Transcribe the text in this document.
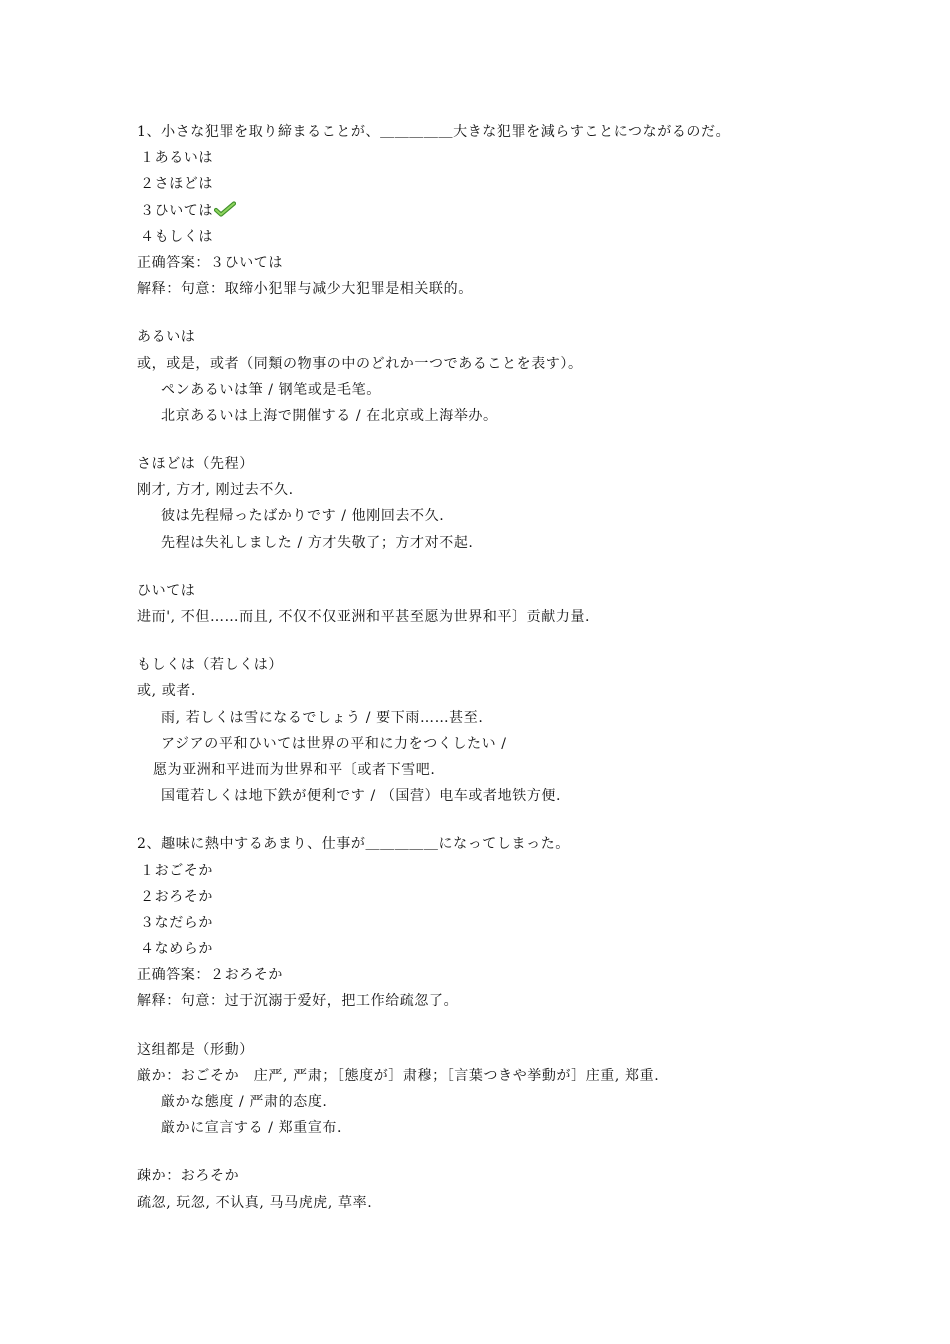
1、小さな犯罪を取り締まることが、＿＿＿＿＿大きな犯罪を減らすことにつながるのだ。
１あるいは
２さほどは
３ひいては
４もしくは
正确答案：３ひいては
解释：句意：取缔小犯罪与减少大犯罪是相关联的。
あるいは
或，或是，或者（同類の物事の中のどれか一つであることを表す）。
ペンあるいは筆 / 钢笔或是毛笔。
北京あるいは上海で開催する / 在北京或上海举办。
さほどは（先程）
刚才, 方才, 刚过去不久.
彼は先程帰ったばかりです / 他刚回去不久.
先程は失礼しました / 方才失敬了；方才对不起.
ひいては
进而', 不但……而且, 不仅不仅亚洲和平甚至愿为世界和平〕贡献力量.
もしくは（若しくは）
或, 或者.
雨, 若しくは雪になるでしょう / 要下雨……甚至.
アジアの平和ひいては世界の平和に力をつくしたい /
愿为亚洲和平进而为世界和平〔或者下雪吧.
国電若しくは地下鉄が便利です / （国营）电车或者地铁方便.
2、趣味に熱中するあまり、仕事が＿＿＿＿＿になってしまった。
１おごそか
２おろそか
３なだらか
４なめらか
正确答案：２おろそか
解释：句意：过于沉溺于爱好，把工作给疏忽了。
这组都是（形動）
厳か：おごそか　庄严, 严肃；［態度が］肃穆；［言葉つきや挙動が］庄重, 郑重.
厳かな態度 / 严肃的态度.
厳かに宣言する / 郑重宣布.
疎か：おろそか
疏忽, 玩忽, 不认真, 马马虎虎, 草率.
